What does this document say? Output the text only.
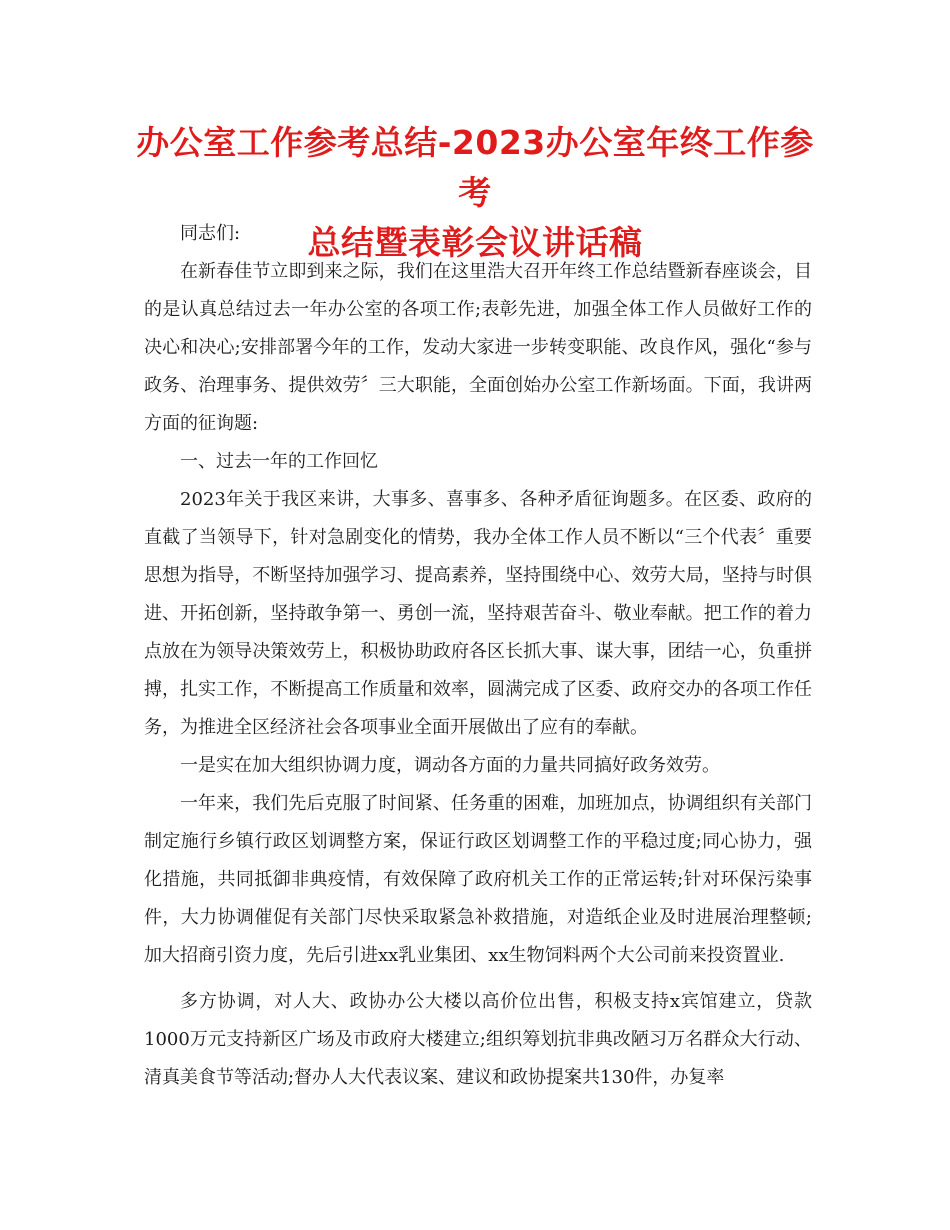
办公室工作参考总结-2023办公室年终工作参考
总结暨表彰会议讲话稿

同志们:

在新春佳节立即到来之际，我们在这里浩大召开年终工作总结暨新春座谈会，目的是认真总结过去一年办公室的各项工作;表彰先进，加强全体工作人员做好工作的决心和决心;安排部署今年的工作，发动大家进一步转变职能、改良作风，强化“参与政务、治理事务、提供效劳〞三大职能，全面创始办公室工作新场面。下面，我讲两方面的征询题:

一、过去一年的工作回忆

2023年关于我区来讲，大事多、喜事多、各种矛盾征询题多。在区委、政府的直截了当领导下，针对急剧变化的情势，我办全体工作人员不断以“三个代表〞重要思想为指导，不断坚持加强学习、提高素养，坚持围绕中心、效劳大局，坚持与时俱进、开拓创新，坚持敢争第一、勇创一流，坚持艰苦奋斗、敬业奉献。把工作的着力点放在为领导决策效劳上，积极协助政府各区长抓大事、谋大事，团结一心，负重拼搏，扎实工作，不断提高工作质量和效率，圆满完成了区委、政府交办的各项工作任务，为推进全区经济社会各项事业全面开展做出了应有的奉献。

一是实在加大组织协调力度，调动各方面的力量共同搞好政务效劳。

一年来，我们先后克服了时间紧、任务重的困难，加班加点，协调组织有关部门制定施行乡镇行政区划调整方案，保证行政区划调整工作的平稳过度;同心协力，强化措施，共同抵御非典疫情，有效保障了政府机关工作的正常运转;针对环保污染事件，大力协调催促有关部门尽快采取紧急补救措施，对造纸企业及时进展治理整顿;加大招商引资力度，先后引进xx乳业集团、xx生物饲料两个大公司前来投资置业.

多方协调，对人大、政协办公大楼以高价位出售，积极支持x宾馆建立，贷款1000万元支持新区广场及市政府大楼建立;组织筹划抗非典改陋习万名群众大行动、清真美食节等活动;督办人大代表议案、建议和政协提案共130件，办复率
